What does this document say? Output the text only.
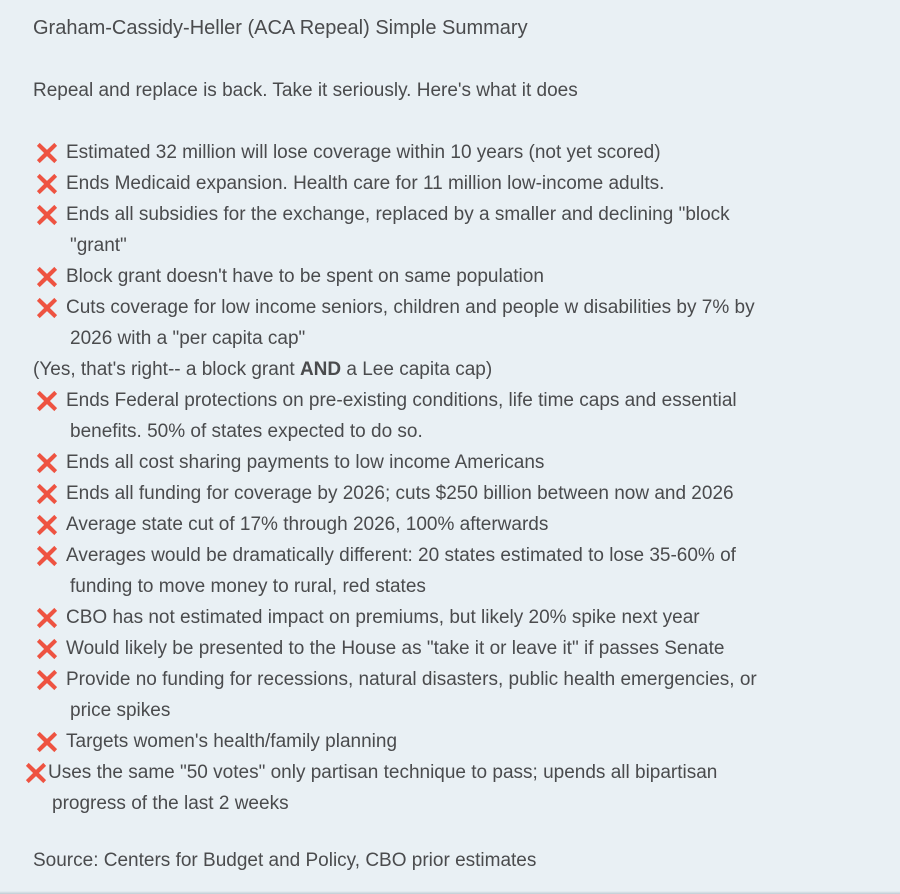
Graham-Cassidy-Heller (ACA Repeal) Simple Summary
Repeal and replace is back. Take it seriously. Here's what it does
Estimated 32 million will lose coverage within 10 years (not yet scored)
Ends Medicaid expansion. Health care for 11 million low-income adults.
Ends all subsidies for the exchange, replaced by a smaller and declining "block
"grant"
Block grant doesn't have to be spent on same population
Cuts coverage for low income seniors, children and people w disabilities by 7% by
2026 with a "per capita cap"
(Yes, that's right-- a block grant AND a Lee capita cap)
Ends Federal protections on pre-existing conditions, life time caps and essential
benefits. 50% of states expected to do so.
Ends all cost sharing payments to low income Americans
Ends all funding for coverage by 2026; cuts $250 billion between now and 2026
Average state cut of 17% through 2026, 100% afterwards
Averages would be dramatically different: 20 states estimated to lose 35-60% of
funding to move money to rural, red states
CBO has not estimated impact on premiums, but likely 20% spike next year
Would likely be presented to the House as "take it or leave it" if passes Senate
Provide no funding for recessions, natural disasters, public health emergencies, or
price spikes
Targets women's health/family planning
Uses the same "50 votes" only partisan technique to pass; upends all bipartisan
progress of the last 2 weeks
Source: Centers for Budget and Policy, CBO prior estimates
